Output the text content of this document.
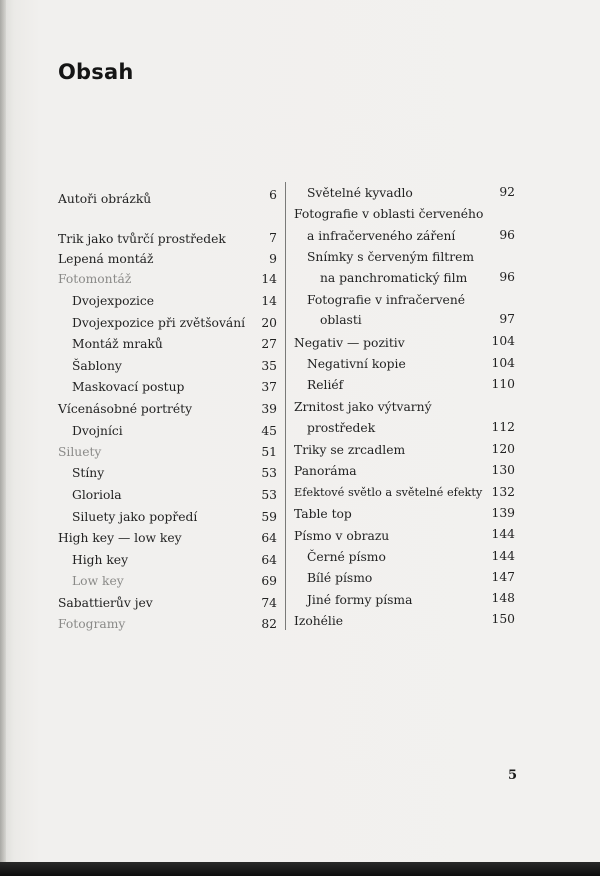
Obsah
Autoři obrázků	6
Trik jako tvůrčí prostředek	7
Lepená montáž	9
Fotomontáž	14
Dvojexpozice	14
Dvojexpozice při zvětšování	20
Montáž mraků	27
Šablony	35
Maskovací postup	37
Vícenásobné portréty	39
Dvojníci	45
Siluety	51
Stíny	53
Gloriola	53
Siluety jako popředí	59
High key — low key	64
High key	64
Low key	69
Sabattierův jev	74
Fotogramy	82
Světelné kyvadlo	92
Fotografie v oblasti červeného
a infračerveného záření	96
Snímky s červeným filtrem
na panchromatický film	96
Fotografie v infračervené
oblasti	97
Negativ — pozitiv	104
Negativní kopie	104
Reliéf	110
Zrnitost jako výtvarný
prostředek	112
Triky se zrcadlem	120
Panoráma	130
Efektové světlo a světelné efekty 132
Table top	139
Písmo v obrazu	144
Černé písmo	144
Bílé písmo	147
Jiné formy písma	148
Izohélie	150
5
